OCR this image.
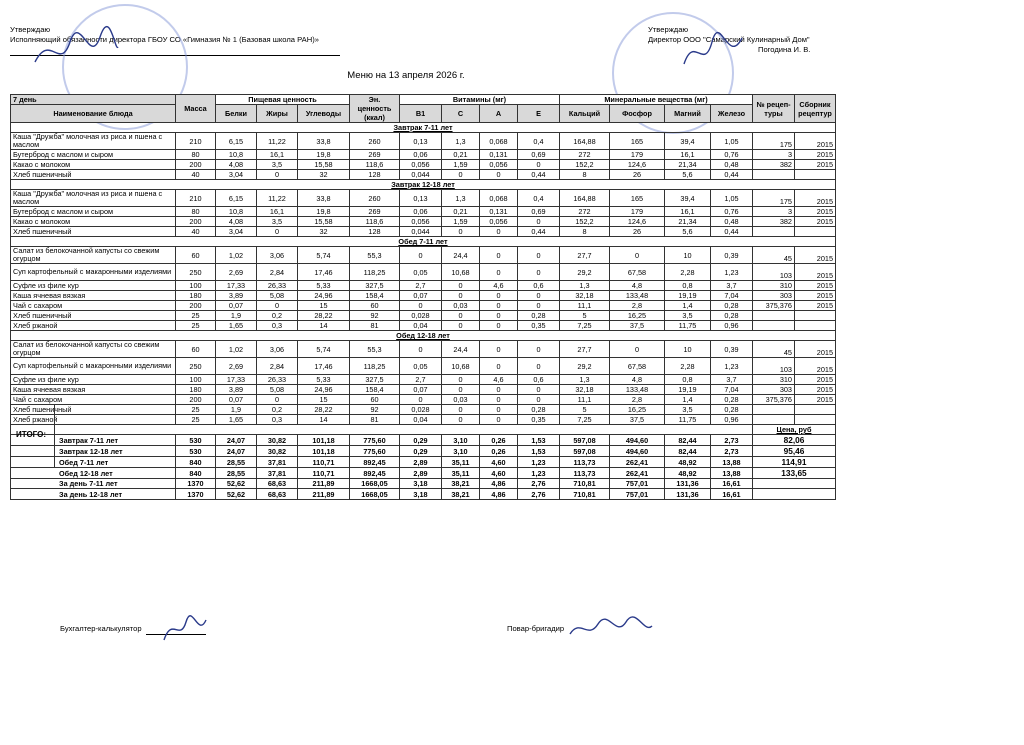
Утверждаю
Исполняющий обязанности директора ГБОУ СО «Гимназия № 1 (Базовая школа РАН)»
Утверждаю
Директор ООО "Самарский Кулинарный Дом"
Погодина И. В.
Меню на 13 апреля 2026 г.
7 день	Масса	Пищевая ценность			Эн. ценность (ккал)	Витамины (мг)				Минеральные вещества (мг)				№ рецеп-туры	Сборник рецептур
Наименование блюда		Белки	Жиры	Углеводы		В1	С	А	Е	Кальций	Фосфор	Магний	Железо		

Завтрак 7-11 лет															
Каша "Дружба" молочная из риса и пшена с маслом	210	6,15	11,22	33,8	260	0,13	1,3	0,068	0,4	164,88	165	39,4	1,05	175	2015
Бутерброд с маслом и сыром	80	10,8	16,1	19,8	269	0,06	0,21	0,131	0,69	272	179	16,1	0,76	3	2015
Какао с молоком	200	4,08	3,5	15,58	118,6	0,056	1,59	0,056	0	152,2	124,6	21,34	0,48	382	2015
Хлеб пшеничный	40	3,04	0	32	128	0,044	0	0	0,44	8	26	5,6	0,44		
Завтрак 12-18 лет															
Каша "Дружба" молочная из риса и пшена с маслом	210	6,15	11,22	33,8	260	0,13	1,3	0,068	0,4	164,88	165	39,4	1,05	175	2015
Бутерброд с маслом и сыром	80	10,8	16,1	19,8	269	0,06	0,21	0,131	0,69	272	179	16,1	0,76	3	2015
Какао с молоком	200	4,08	3,5	15,58	118,6	0,056	1,59	0,056	0	152,2	124,6	21,34	0,48	382	2015
Хлеб пшеничный	40	3,04	0	32	128	0,044	0	0	0,44	8	26	5,6	0,44		
Обед 7-11 лет															
Салат из белокочанной капусты со свежим огурцом	60	1,02	3,06	5,74	55,3	0	24,4	0	0	27,7	0	10	0,39	45	2015
Суп картофельный с макаронными изделиями	250	2,69	2,84	17,46	118,25	0,05	10,68	0	0	29,2	67,58	2,28	1,23	103	2015
Суфле из филе кур	100	17,33	26,33	5,33	327,5	2,7	0	4,6	0,6	1,3	4,8	0,8	3,7	310	2015
Каша ячневая вязкая	180	3,89	5,08	24,96	158,4	0,07	0	0	0	32,18	133,48	19,19	7,04	303	2015
Чай с сахаром	200	0,07	0	15	60	0	0,03	0	0	11,1	2,8	1,4	0,28	375,376	2015
Хлеб пшеничный	25	1,9	0,2	28,22	92	0,028	0	0	0,28	5	16,25	3,5	0,28		
Хлеб ржаной	25	1,65	0,3	14	81	0,04	0	0	0,35	7,25	37,5	11,75	0,96		
Обед 12-18 лет															
Салат из белокочанной капусты со свежим огурцом	60	1,02	3,06	5,74	55,3	0	24,4	0	0	27,7	0	10	0,39	45	2015
Суп картофельный с макаронными изделиями	250	2,69	2,84	17,46	118,25	0,05	10,68	0	0	29,2	67,58	2,28	1,23	103	2015
Суфле из филе кур	100	17,33	26,33	5,33	327,5	2,7	0	4,6	0,6	1,3	4,8	0,8	3,7	310	2015
Каша ячневая вязкая	180	3,89	5,08	24,96	158,4	0,07	0	0	0	32,18	133,48	19,19	7,04	303	2015
Чай с сахаром	200	0,07	0	15	60	0	0,03	0	0	11,1	2,8	1,4	0,28	375,376	2015
Хлеб пшеничный	25	1,9	0,2	28,22	92	0,028	0	0	0,28	5	16,25	3,5	0,28		
Хлеб ржаной	25	1,65	0,3	14	81	0,04	0	0	0,35	7,25	37,5	11,75	0,96		
														Цена, руб	
Завтрак 7-11 лет	530	24,07	30,82	101,18	775,60	0,29	3,10	0,26	1,53	597,08	494,60	82,44	2,73	82,06	
Завтрак 12-18 лет	530	24,07	30,82	101,18	775,60	0,29	3,10	0,26	1,53	597,08	494,60	82,44	2,73	95,46	
Обед 7-11 лет	840	28,55	37,81	110,71	892,45	2,89	35,11	4,60	1,23	113,73	262,41	48,92	13,88	114,91	
Обед 12-18 лет	840	28,55	37,81	110,71	892,45	2,89	35,11	4,60	1,23	113,73	262,41	48,92	13,88	133,65	
За день 7-11 лет	1370	52,62	68,63	211,89	1668,05	3,18	38,21	4,86	2,76	710,81	757,01	131,36	16,61		
За день 12-18 лет	1370	52,62	68,63	211,89	1668,05	3,18	38,21	4,86	2,76	710,81	757,01	131,36	16,61		
ИТОГО:
Бухгалтер-калькулятор	Повар-бригадир
